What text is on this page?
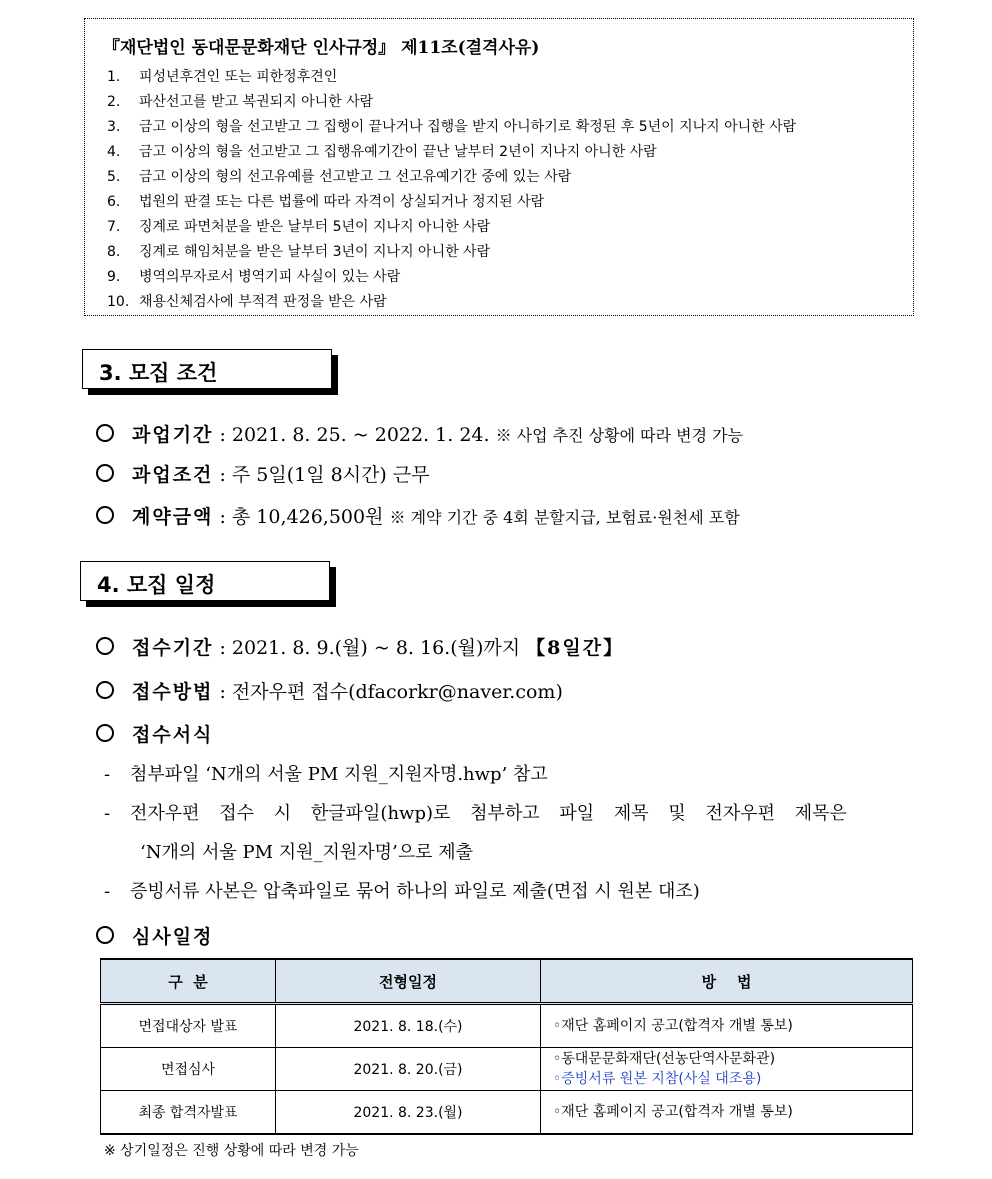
『재단법인 동대문문화재단 인사규정』 제11조(결격사유)
1. 피성년후견인 또는 피한정후견인
2. 파산선고를 받고 복권되지 아니한 사람
3. 금고 이상의 형을 선고받고 그 집행이 끝나거나 집행을 받지 아니하기로 확정된 후 5년이 지나지 아니한 사람
4. 금고 이상의 형을 선고받고 그 집행유예기간이 끝난 날부터 2년이 지나지 아니한 사람
5. 금고 이상의 형의 선고유예를 선고받고 그 선고유예기간 중에 있는 사람
6. 법원의 판결 또는 다른 법률에 따라 자격이 상실되거나 정지된 사람
7. 징계로 파면처분을 받은 날부터 5년이 지나지 아니한 사람
8. 징계로 해임처분을 받은 날부터 3년이 지나지 아니한 사람
9. 병역의무자로서 병역기피 사실이 있는 사람
10. 채용신체검사에 부적격 판정을 받은 사람
3. 모집 조건
과업기간 : 2021. 8. 25. ~ 2022. 1. 24. ※ 사업 추진 상황에 따라 변경 가능
과업조건 : 주 5일(1일 8시간) 근무
계약금액 : 총 10,426,500원 ※ 계약 기간 중 4회 분할지급, 보험료·원천세 포함
4. 모집 일정
접수기간 : 2021. 8. 9.(월) ~ 8. 16.(월)까지 【8일간】
접수방법 : 전자우편 접수(dfacorkr@naver.com)
접수서식
- 첨부파일 ‘N개의 서울 PM 지원_지원자명.hwp’ 참고
- 전자우편 접수 시 한글파일(hwp)로 첨부하고 파일 제목 및 전자우편 제목은
‘N개의 서울 PM 지원_지원자명’으로 제출
- 증빙서류 사본은 압축파일로 묶어 하나의 파일로 제출(면접 시 원본 대조)
심사일정
구  분	전형일정	방    법
면접대상자 발표	2021. 8. 18.(수)	◦재단 홈페이지 공고(합격자 개별 통보)
면접심사	2021. 8. 20.(금)	◦동대문문화재단(선농단역사문화관)
◦증빙서류 원본 지참(사실 대조용)

최종 합격자발표	2021. 8. 23.(월)	◦재단 홈페이지 공고(합격자 개별 통보)
※ 상기일정은 진행 상황에 따라 변경 가능
